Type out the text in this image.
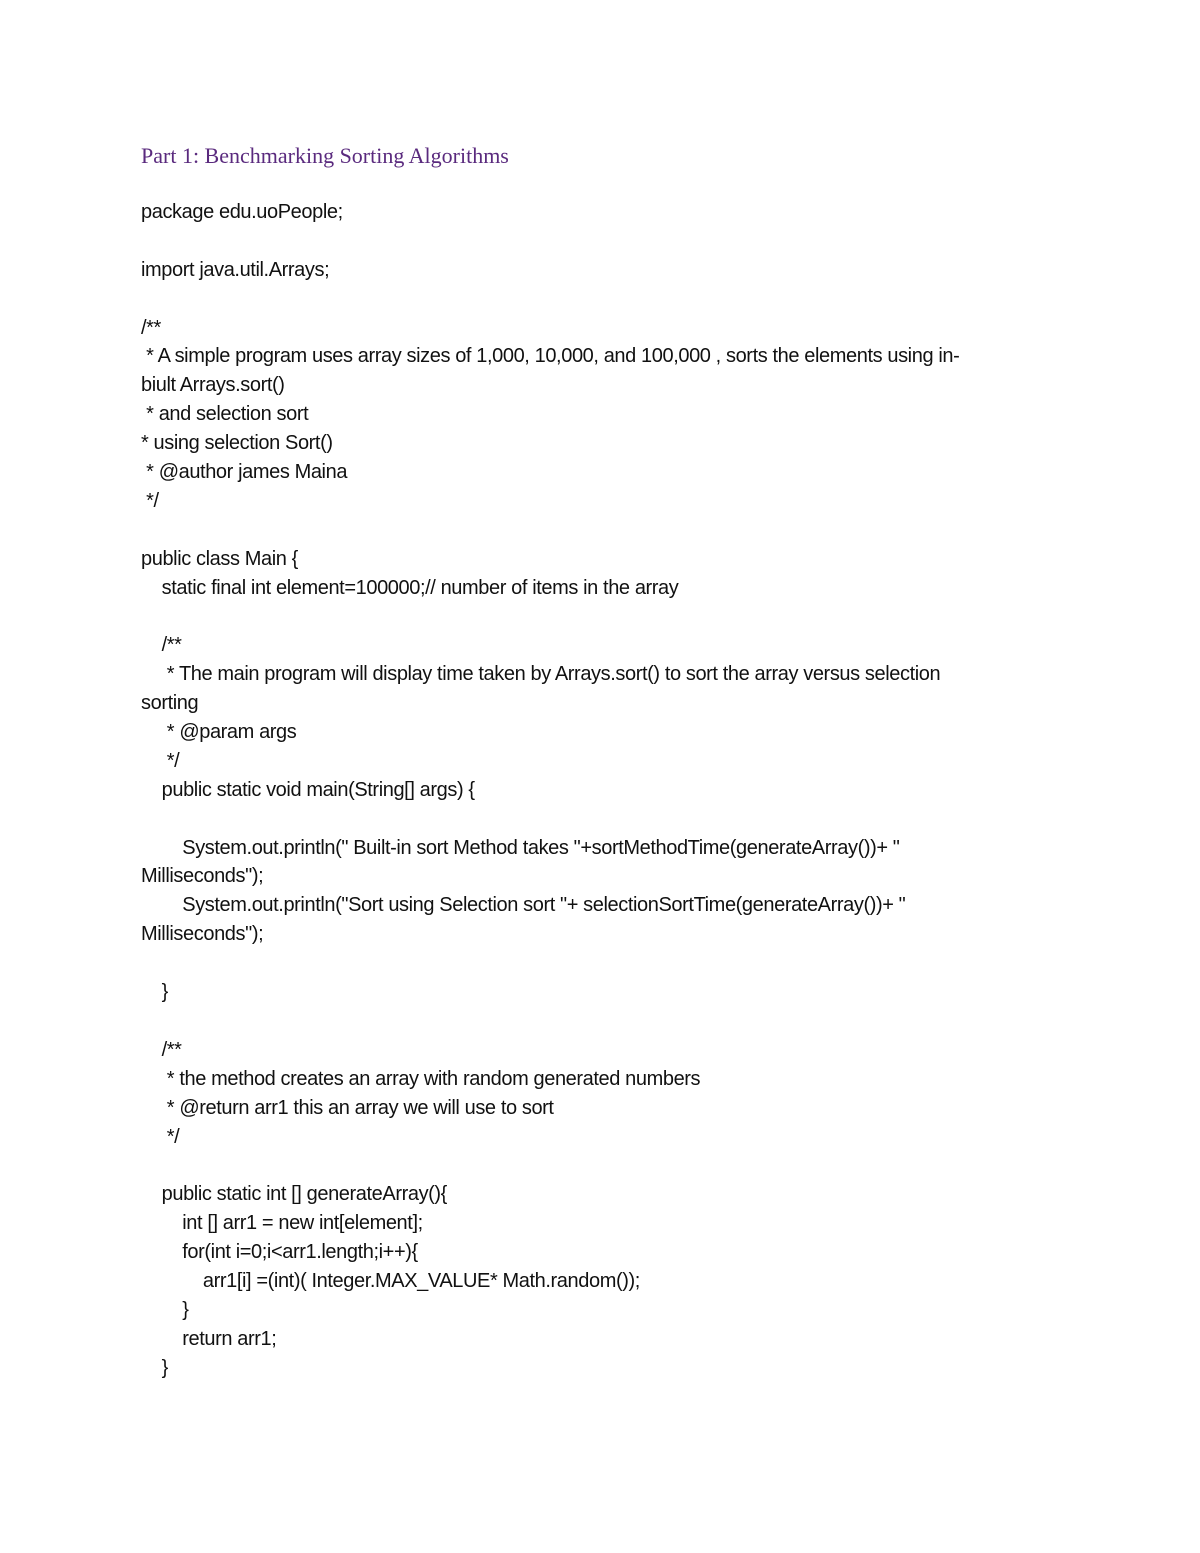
Part 1: Benchmarking Sorting Algorithms
package edu.uoPeople;
import java.util.Arrays;
/**
* A simple program uses array sizes of 1,000, 10,000, and 100,000 , sorts the elements using in-
biult Arrays.sort()
* and selection sort
* using selection Sort()
* @author james Maina
*/
public class Main {
static final int element=100000;// number of items in the array
/**
* The main program will display time taken by Arrays.sort() to sort the array versus selection
sorting
* @param args
*/
public static void main(String[] args) {
System.out.println(" Built-in sort Method takes "+sortMethodTime(generateArray())+ "
Milliseconds");
System.out.println("Sort using Selection sort "+ selectionSortTime(generateArray())+ "
Milliseconds");
}
/**
* the method creates an array with random generated numbers
* @return arr1 this an array we will use to sort
*/
public static int [] generateArray(){
int [] arr1 = new int[element];
for(int i=0;i<arr1.length;i++){
arr1[i] =(int)( Integer.MAX_VALUE* Math.random());
}
return arr1;
}
